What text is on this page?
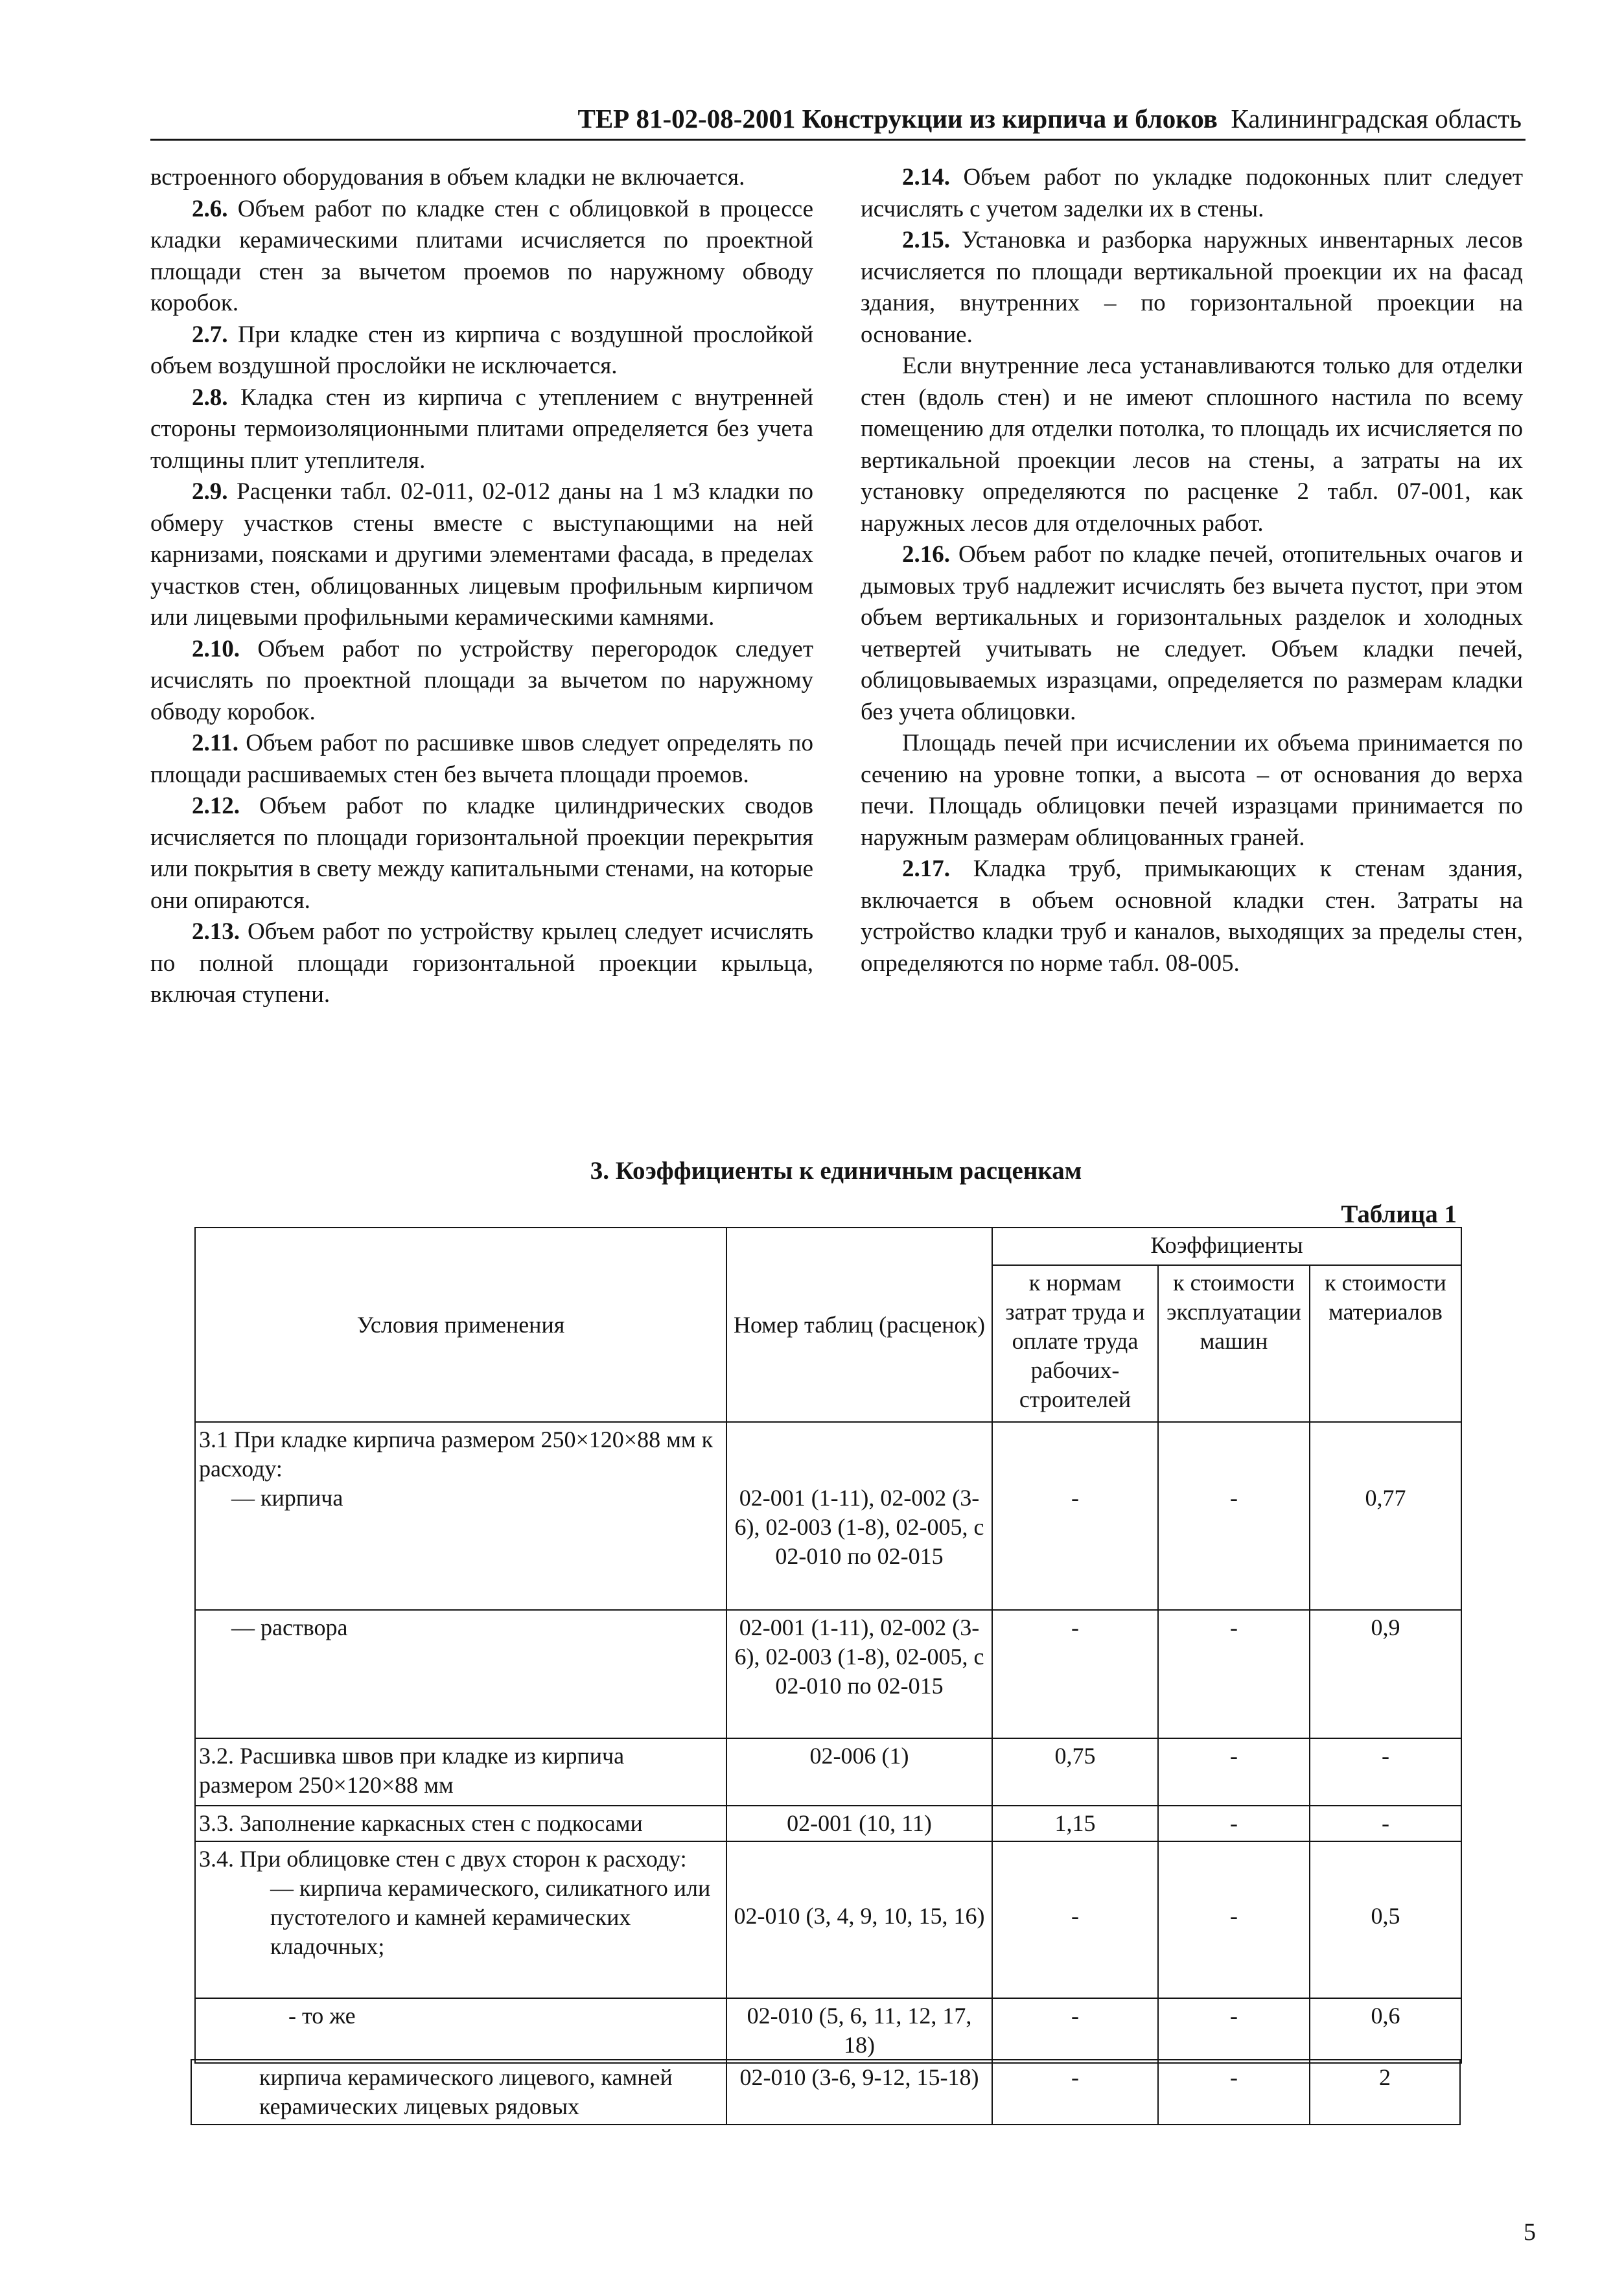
ТЕР 81-02-08-2001 Конструкции из кирпича и блоков Калининградская область

встроенного оборудования в объем кладки не включается.

2.6. Объем работ по кладке стен с облицовкой в процессе кладки керамическими плитами исчисляется по проектной площади стен за вычетом проемов по наружному обводу коробок.

2.7. При кладке стен из кирпича с воздушной прослойкой объем воздушной прослойки не исключается.

2.8. Кладка стен из кирпича с утеплением с внутренней стороны термоизоляционными плитами определяется без учета толщины плит утеплителя.

2.9. Расценки табл. 02-011, 02-012 даны на 1 м3 кладки по обмеру участков стены вместе с выступающими на ней карнизами, поясками и другими элементами фасада, в пределах участков стен, облицованных лицевым профильным кирпичом или лицевыми профильными керамическими камнями.

2.10. Объем работ по устройству перегородок следует исчислять по проектной площади за вычетом по наружному обводу коробок.

2.11. Объем работ по расшивке швов следует определять по площади расшиваемых стен без вычета площади проемов.

2.12. Объем работ по кладке цилиндрических сводов исчисляется по площади горизонтальной проекции перекрытия или покрытия в свету между капитальными стенами, на которые они опираются.

2.13. Объем работ по устройству крылец следует исчислять по полной площади горизонтальной проекции крыльца, включая ступени.

2.14. Объем работ по укладке подоконных плит следует исчислять с учетом заделки их в стены.

2.15. Установка и разборка наружных инвентарных лесов исчисляется по площади вертикальной проекции их на фасад здания, внутренних – по горизонтальной проекции на основание.

Если внутренние леса устанавливаются только для отделки стен (вдоль стен) и не имеют сплошного настила по всему помещению для отделки потолка, то площадь их исчисляется по вертикальной проекции лесов на стены, а затраты на их установку определяются по расценке 2 табл. 07-001, как наружных лесов для отделочных работ.

2.16. Объем работ по кладке печей, отопительных очагов и дымовых труб надлежит исчислять без вычета пустот, при этом объем вертикальных и горизонтальных разделок и холодных четвертей учитывать не следует. Объем кладки печей, облицовываемых изразцами, определяется по размерам кладки без учета облицовки.

Площадь печей при исчислении их объема принимается по сечению на уровне топки, а высота – от основания до верха печи. Площадь облицовки печей изразцами принимается по наружным размерам облицованных граней.

2.17. Кладка труб, примыкающих к стенам здания, включается в объем основной кладки стен. Затраты на устройство кладки труб и каналов, выходящих за пределы стен, определяются по норме табл. 08-005.

3. Коэффициенты к единичным расценкам
Таблица 1
Условия применения	Номер таблиц (расценок)	Коэффициенты		
		к нормам затрат труда и оплате труда рабочих-строителей	к стоимости эксплуатации машин	к стоимости материалов
3.1 При кладке кирпича размером 250×120×88 мм к расходу:
— кирпича	02-001 (1-11), 02-002 (3-6), 02-003 (1-8), 02-005, с 02-010 по 02-015	-	-	0,77

— раствора	02-001 (1-11), 02-002 (3-6), 02-003 (1-8), 02-005, с 02-010 по 02-015	-	-	0,9
3.2. Расшивка швов при кладке из кирпича размером 250×120×88 мм	02-006 (1)	0,75	-	-
3.3. Заполнение каркасных стен с подкосами	02-001 (10, 11)	1,15	-	-
3.4. При облицовке стен с двух сторон к расходу:
— кирпича керамического, силикатного или пустотелого и камней керамических кладочных;	02-010 (3, 4, 9, 10, 15, 16)	-	-	0,5

- то же	02-010 (5, 6, 11, 12, 17, 18)	-	-	0,6
кирпича керамического лицевого, камней керамических лицевых рядовых	02-010 (3-6, 9-12, 15-18)	-	-	2
5
